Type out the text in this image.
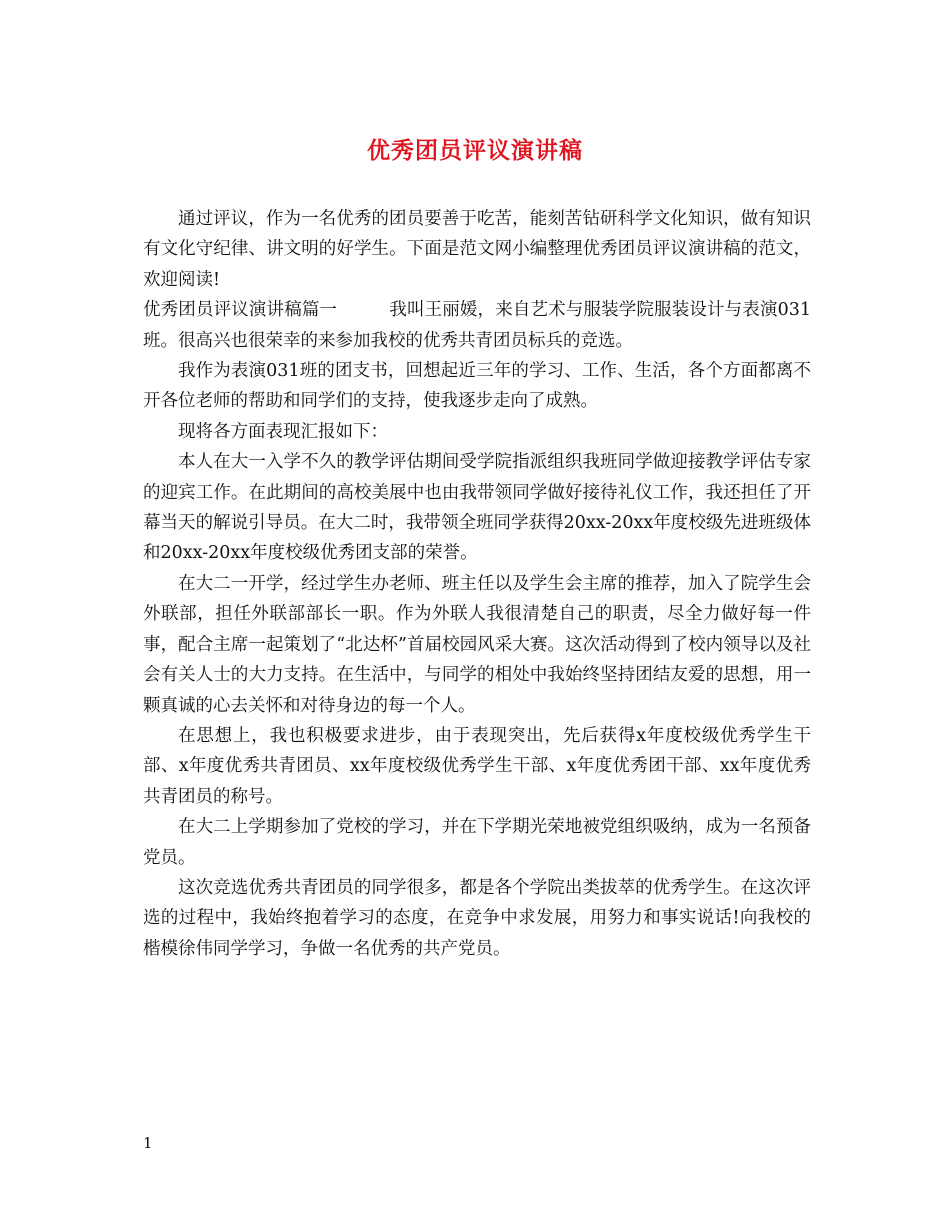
优秀团员评议演讲稿

通过评议，作为一名优秀的团员要善于吃苦，能刻苦钻研科学文化知识，做有知识有文化守纪律、讲文明的好学生。下面是范文网小编整理优秀团员评议演讲稿的范文，欢迎阅读!

优秀团员评议演讲稿篇一	我叫王丽媛，来自艺术与服装学院服装设计与表演031班。很高兴也很荣幸的来参加我校的优秀共青团员标兵的竞选。

我作为表演031班的团支书，回想起近三年的学习、工作、生活，各个方面都离不开各位老师的帮助和同学们的支持，使我逐步走向了成熟。

现将各方面表现汇报如下：

本人在大一入学不久的教学评估期间受学院指派组织我班同学做迎接教学评估专家的迎宾工作。在此期间的高校美展中也由我带领同学做好接待礼仪工作，我还担任了开幕当天的解说引导员。在大二时，我带领全班同学获得20xx-20xx年度校级先进班级体和20xx-20xx年度校级优秀团支部的荣誉。

在大二一开学，经过学生办老师、班主任以及学生会主席的推荐，加入了院学生会外联部，担任外联部部长一职。作为外联人我很清楚自己的职责，尽全力做好每一件事，配合主席一起策划了“北达杯”首届校园风采大赛。这次活动得到了校内领导以及社会有关人士的大力支持。在生活中，与同学的相处中我始终坚持团结友爱的思想，用一颗真诚的心去关怀和对待身边的每一个人。

在思想上，我也积极要求进步，由于表现突出，先后获得x年度校级优秀学生干部、x年度优秀共青团员、xx年度校级优秀学生干部、x年度优秀团干部、xx年度优秀共青团员的称号。

在大二上学期参加了党校的学习，并在下学期光荣地被党组织吸纳，成为一名预备党员。

这次竞选优秀共青团员的同学很多，都是各个学院出类拔萃的优秀学生。在这次评选的过程中，我始终抱着学习的态度，在竞争中求发展，用努力和事实说话!向我校的楷模徐伟同学学习，争做一名优秀的共产党员。

1
